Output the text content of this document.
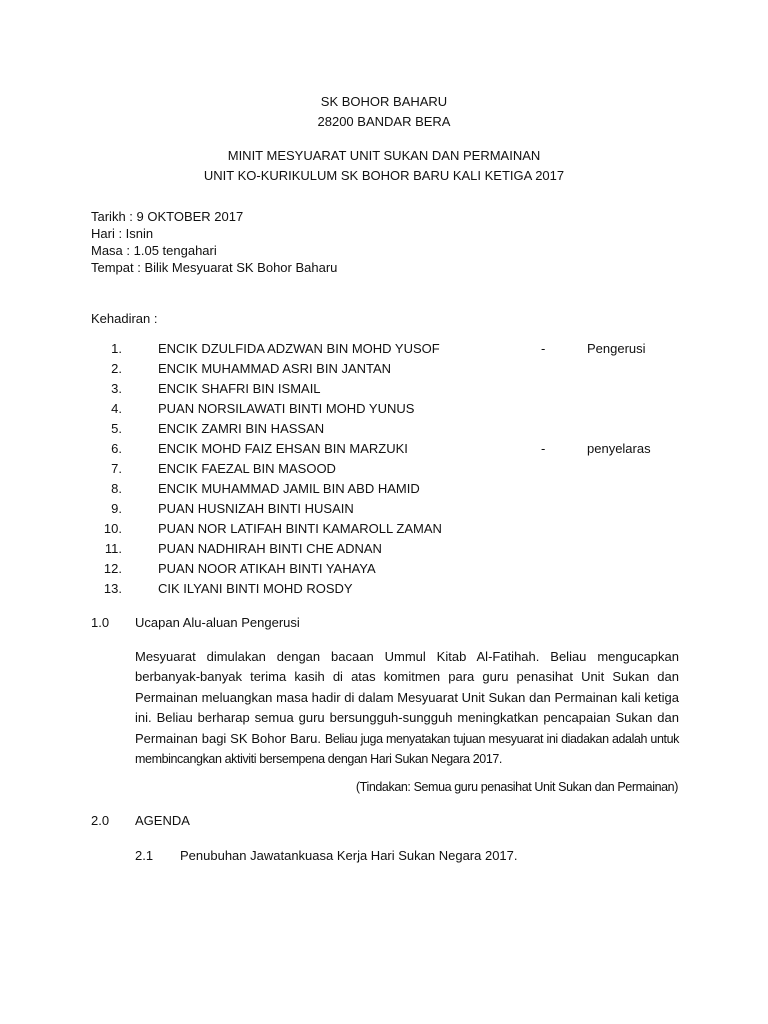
SK BOHOR BAHARU
28200 BANDAR BERA
MINIT MESYUARAT UNIT SUKAN DAN PERMAINAN
UNIT KO-KURIKULUM SK BOHOR BARU KALI KETIGA 2017
Tarikh : 9 OKTOBER 2017
Hari : Isnin
Masa : 1.05 tengahari
Tempat : Bilik Mesyuarat SK Bohor Baharu
Kehadiran :
1.	ENCIK DZULFIDA ADZWAN BIN MOHD YUSOF	-	Pengerusi
2.	ENCIK MUHAMMAD ASRI BIN JANTAN
3.	ENCIK SHAFRI BIN ISMAIL
4.	PUAN NORSILAWATI BINTI MOHD YUNUS
5.	ENCIK ZAMRI BIN HASSAN
6.	ENCIK MOHD FAIZ EHSAN BIN MARZUKI	-	penyelaras
7.	ENCIK FAEZAL BIN MASOOD
8.	ENCIK MUHAMMAD JAMIL BIN ABD HAMID
9.	PUAN HUSNIZAH BINTI HUSAIN
10.	PUAN NOR LATIFAH BINTI KAMAROLL ZAMAN
11.	PUAN NADHIRAH BINTI CHE ADNAN
12.	PUAN NOOR ATIKAH BINTI YAHAYA
13.	CIK ILYANI BINTI MOHD ROSDY
1.0 Ucapan Alu-aluan Pengerusi
Mesyuarat dimulakan dengan bacaan Ummul Kitab Al-Fatihah. Beliau mengucapkan berbanyak-banyak terima kasih di atas komitmen para guru penasihat Unit Sukan dan Permainan meluangkan masa hadir di dalam Mesyuarat Unit Sukan dan Permainan kali ketiga ini. Beliau berharap semua guru bersungguh-sungguh meningkatkan pencapaian Sukan dan Permainan bagi SK Bohor Baru. Beliau juga menyatakan tujuan mesyuarat ini diadakan adalah untuk membincangkan aktiviti bersempena dengan Hari Sukan Negara 2017.
(Tindakan: Semua guru penasihat Unit Sukan dan Permainan)
2.0 AGENDA
2.1 Penubuhan Jawatankuasa Kerja Hari Sukan Negara 2017.
